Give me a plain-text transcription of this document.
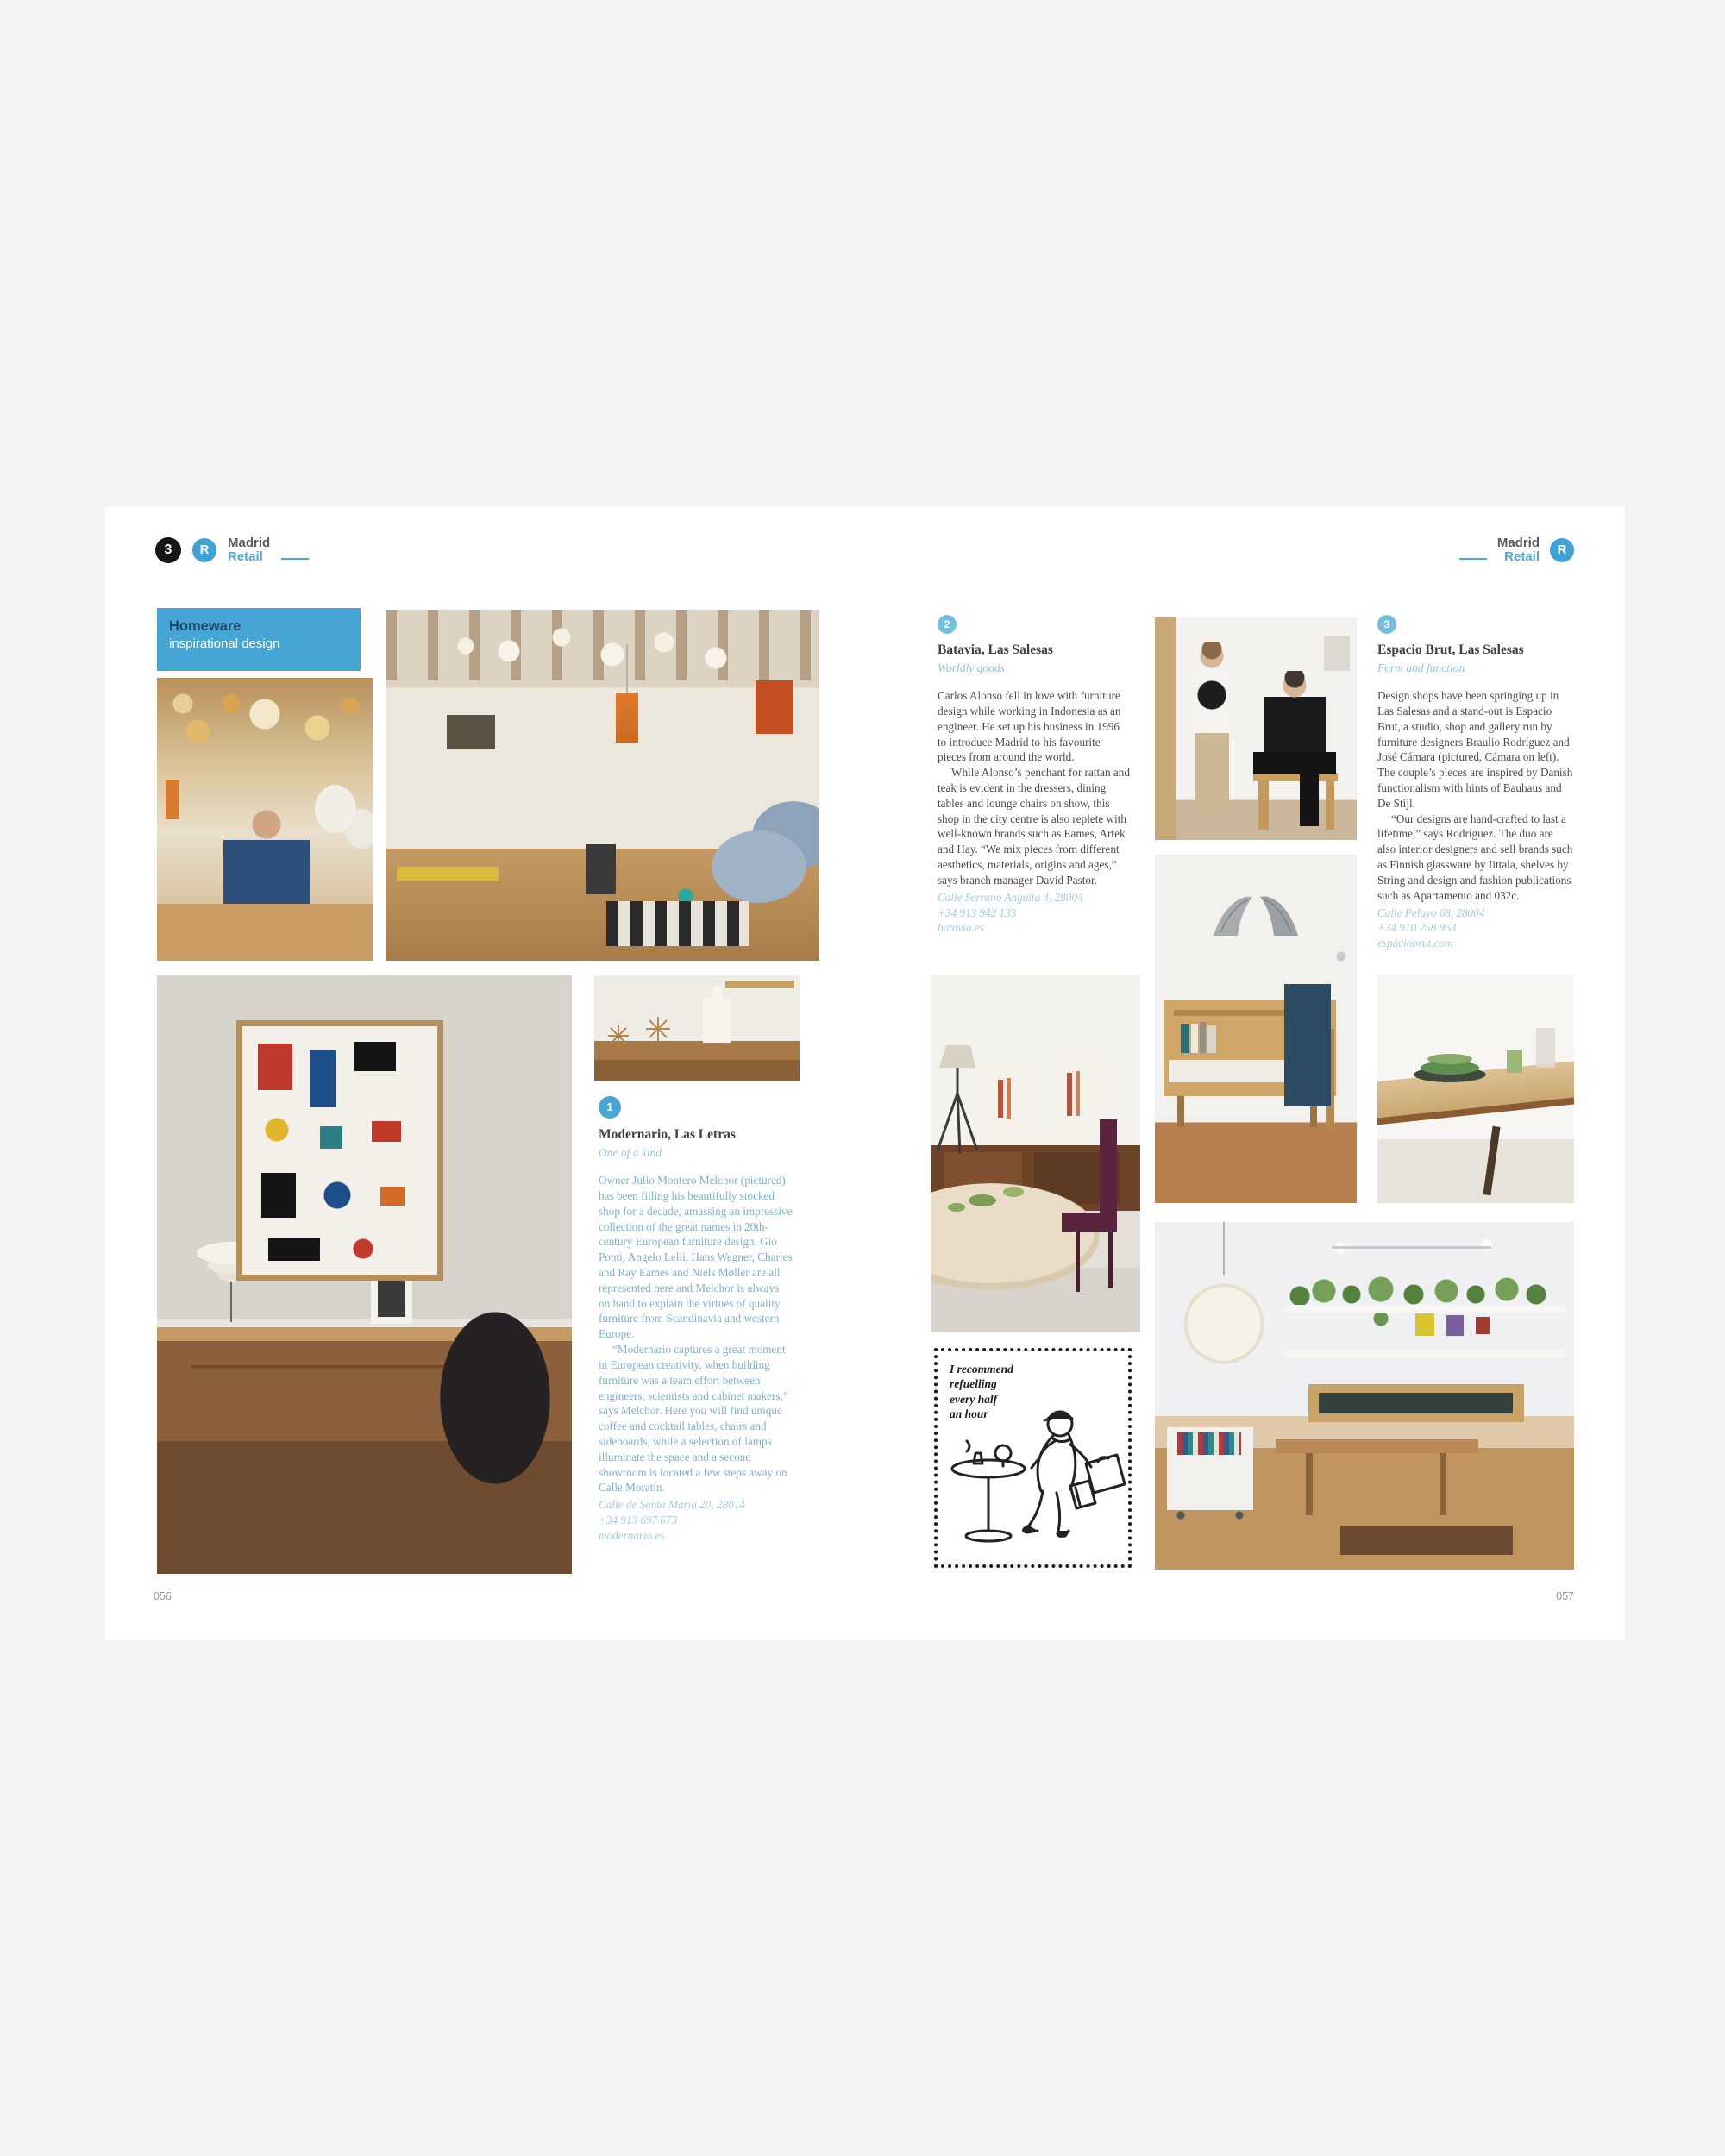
3	R	Madrid
Retail
Madrid
Retail	R
Homeware
inspirational design
1
Modernario, Las Letras
One of a kind

Owner Julio Montero Melchor (pictured) has been filling his beautifully stocked shop for a decade, amassing an impressive collection of the great names in 20th-century European furniture design. Gio Ponti, Angelo Lelli, Hans Wegner, Charles and Ray Eames and Niels Møller are all represented here and Melchor is always on hand to explain the virtues of quality furniture from Scandinavia and western Europe.

“Modernario captures a great moment in European creativity, when building furniture was a team effort between engineers, scientists and cabinet makers,” says Melchor. Here you will find unique coffee and cocktail tables, chairs and sideboards, while a selection of lamps illuminate the space and a second showroom is located a few steps away on Calle Moratín.

Calle de Santa María 20, 28014
+34 913 697 673
modernario.es
2
Batavia, Las Salesas
Worldly goods

Carlos Alonso fell in love with furniture design while working in Indonesia as an engineer. He set up his business in 1996 to introduce Madrid to his favourite pieces from around the world.

While Alonso’s penchant for rattan and teak is evident in the dressers, dining tables and lounge chairs on show, this shop in the city centre is also replete with well-known brands such as Eames, Artek and Hay. “We mix pieces from different aesthetics, materials, origins and ages,” says branch manager David Pastor.

Calle Serrano Anguita 4, 28004
+34 913 942 133
batavia.es
3
Espacio Brut, Las Salesas
Form and function

Design shops have been springing up in Las Salesas and a stand-out is Espacio Brut, a studio, shop and gallery run by furniture designers Braulio Rodríguez and José Cámara (pictured, Cámara on left). The couple’s pieces are inspired by Danish functionalism with hints of Bauhaus and De Stijl.

“Our designs are hand-crafted to last a lifetime,” says Rodríguez. The duo are also interior designers and sell brands such as Finnish glassware by Iittala, shelves by String and design and fashion publications such as Apartamento and 032c.

Calle Pelayo 68, 28004
+34 910 258 963
espaciobrut.com
I recommend
refuelling
every half
an hour
056	057
